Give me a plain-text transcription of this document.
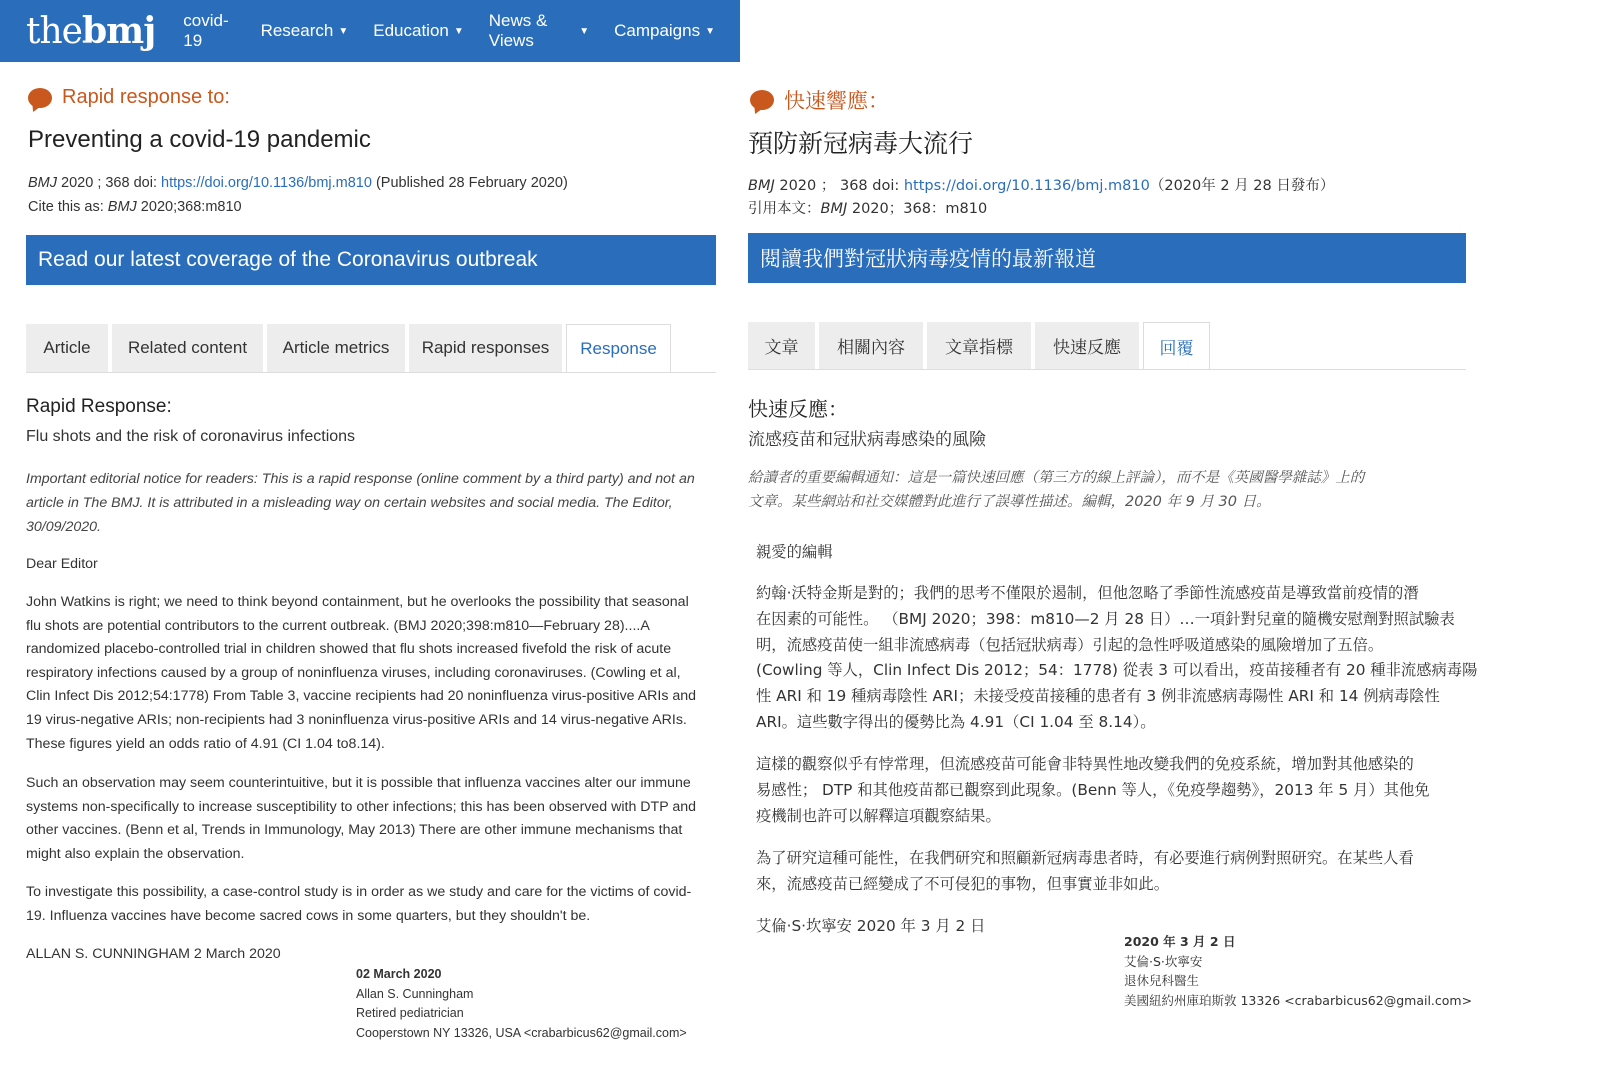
thebmj covid-19
Research ▼ Education ▼
News & Views	▼ Campaigns ▼
Rapid response to:
Preventing a covid-19 pandemic
BMJ 2020 ; 368 doi: https://doi.org/10.1136/bmj.m810 (Published 28 February 2020)
Cite this as: BMJ 2020;368:m810
Read our latest coverage of the Coronavirus outbreak
Article	Related content	Article metrics	Rapid responses	Response
Rapid Response:
Flu shots and the risk of coronavirus infections
Important editorial notice for readers: This is a rapid response (online comment by a third party) and not an
article in The BMJ. It is attributed in a misleading way on certain websites and social media. The Editor,
30/09/2020.
Dear Editor
John Watkins is right; we need to think beyond containment, but he overlooks the possibility that seasonal
flu shots are potential contributors to the current outbreak. (BMJ 2020;398:m810—February 28)....A
randomized placebo-controlled trial in children showed that flu shots increased fivefold the risk of acute
respiratory infections caused by a group of noninfluenza viruses, including coronaviruses. (Cowling et al,
Clin Infect Dis 2012;54:1778) From Table 3, vaccine recipients had 20 noninfluenza virus-positive ARIs and
19 virus-negative ARIs; non-recipients had 3 noninfluenza virus-positive ARIs and 14 virus-negative ARIs.
These figures yield an odds ratio of 4.91 (CI 1.04 to8.14).
Such an observation may seem counterintuitive, but it is possible that influenza vaccines alter our immune
systems non-specifically to increase susceptibility to other infections; this has been observed with DTP and
other vaccines. (Benn et al, Trends in Immunology, May 2013) There are other immune mechanisms that
might also explain the observation.
To investigate this possibility, a case-control study is in order as we study and care for the victims of covid-
19. Influenza vaccines have become sacred cows in some quarters, but they shouldn't be.
ALLAN S. CUNNINGHAM 2 March 2020
02 March 2020
Allan S. Cunningham
Retired pediatrician
Cooperstown NY 13326, USA <crabarbicus62@gmail.com>
快速響應：
預防新冠病毒大流行
BMJ 2020 ； 368 doi: https://doi.org/10.1136/bmj.m810（2020年 2 月 28 日發布）
引用本文：BMJ 2020；368：m810
閱讀我們對冠狀病毒疫情的最新報道
文章	相關內容	文章指標	快速反應	回覆
快速反應：
流感疫苗和冠狀病毒感染的風險
給讀者的重要編輯通知：這是一篇快速回應（第三方的線上評論），而不是《英國醫學雜誌》上的
文章。某些網站和社交媒體對此進行了誤導性描述。編輯，2020 年 9 月 30 日。
親愛的編輯
約翰·沃特金斯是對的；我們的思考不僅限於遏制，但他忽略了季節性流感疫苗是導致當前疫情的潛
在因素的可能性。 （BMJ 2020；398：m810—2 月 28 日）…一項針對兒童的隨機安慰劑對照試驗表
明，流感疫苗使一組非流感病毒（包括冠狀病毒）引起的急性呼吸道感染的風險增加了五倍。
(Cowling 等人，Clin Infect Dis 2012；54：1778) 從表 3 可以看出，疫苗接種者有 20 種非流感病毒陽
性 ARI 和 19 種病毒陰性 ARI；未接受疫苗接種的患者有 3 例非流感病毒陽性 ARI 和 14 例病毒陰性
ARI。這些數字得出的優勢比為 4.91（CI 1.04 至 8.14）。
這樣的觀察似乎有悖常理，但流感疫苗可能會非特異性地改變我們的免疫系統，增加對其他感染的
易感性； DTP 和其他疫苗都已觀察到此現象。(Benn 等人，《免疫學趨勢》，2013 年 5 月）其他免
疫機制也許可以解釋這項觀察結果。
為了研究這種可能性，在我們研究和照顧新冠病毒患者時，有必要進行病例對照研究。在某些人看
來，流感疫苗已經變成了不可侵犯的事物，但事實並非如此。
艾倫·S·坎寧安 2020 年 3 月 2 日
2020 年 3 月 2 日
艾倫·S·坎寧安
退休兒科醫生
美國紐約州庫珀斯敦 13326 <crabarbicus62@gmail.com>
